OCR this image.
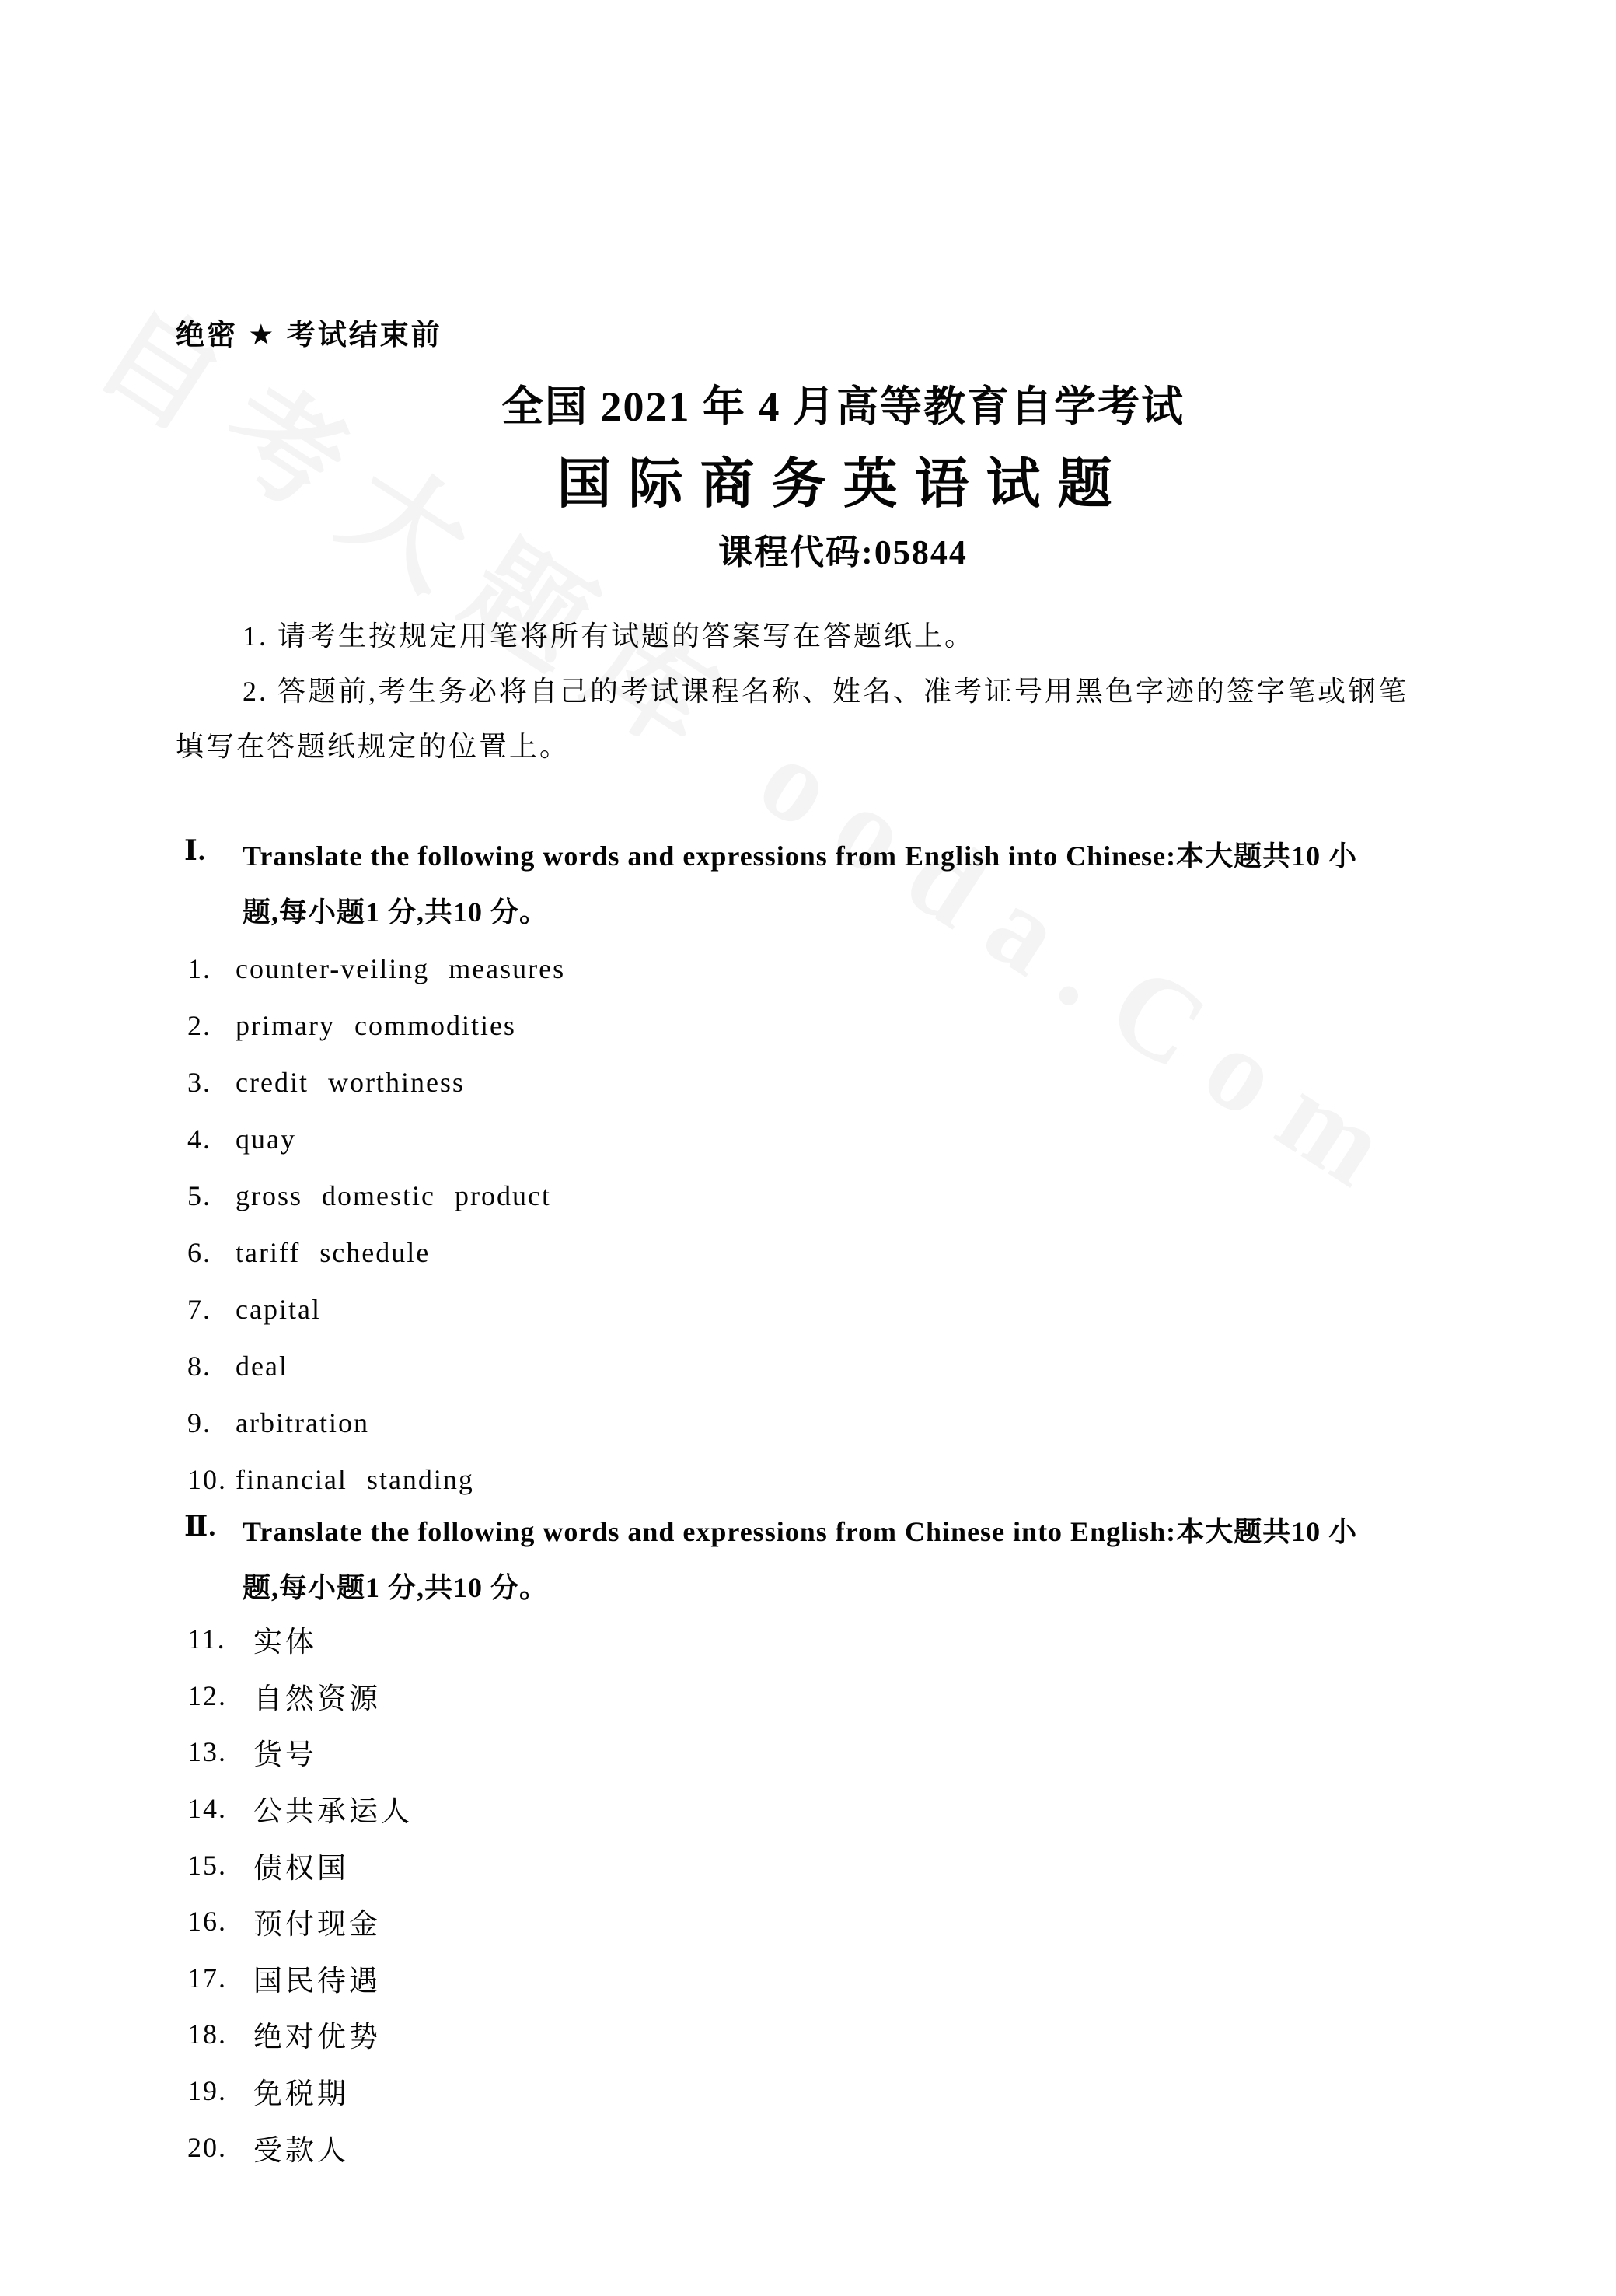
绝密 ★ 考试结束前
全国 2021 年 4 月高等教育自学考试
国际商务英语试题
课程代码:05844
1. 请考生按规定用笔将所有试题的答案写在答题纸上。
2. 答题前,考生务必将自己的考试课程名称、姓名、准考证号用黑色字迹的签字笔或钢笔
填写在答题纸规定的位置上。
Ⅰ.	Translate the following words and expressions from English into Chinese:本大题共10 小
题,每小题1 分,共10 分。
1. counter-veiling measures
2. primary commodities
3. credit worthiness
4. quay
5. gross domestic product
6. tariff schedule
7. capital
8. deal
9. arbitration
10. financial standing
Ⅱ. Translate the following words and expressions from Chinese into English:本大题共10 小
题,每小题1 分,共10 分。
11. 实体
12. 自然资源
13. 货号
14. 公共承运人
15. 债权国
16. 预付现金
17. 国民待遇
18. 绝对优势
19. 免税期
20. 受款人
